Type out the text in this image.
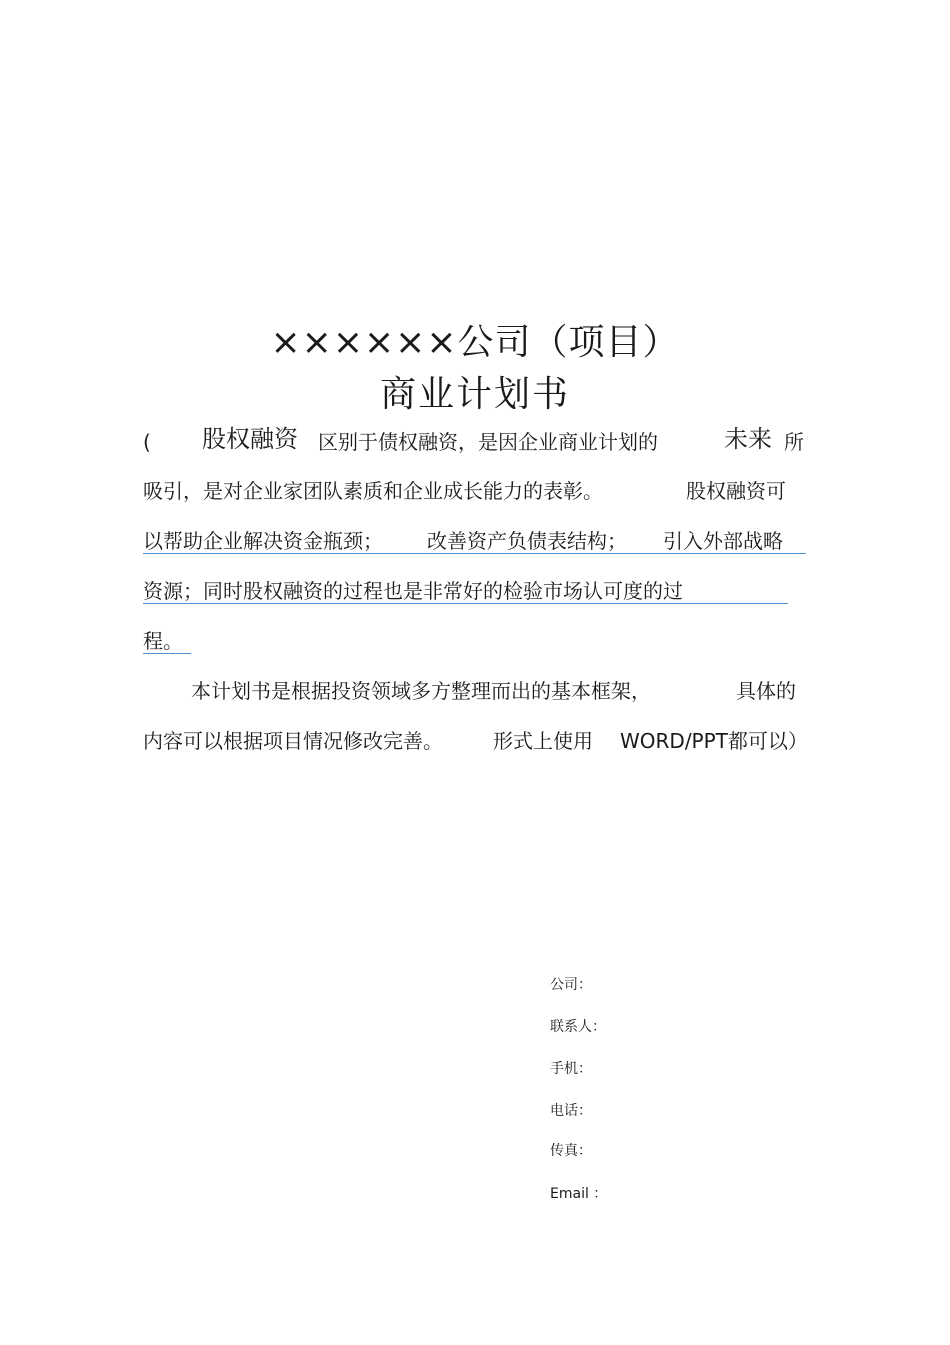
××××××公司（项目）
商业计划书
( 股权融资 区别于债权融资，是因企业商业计划的	未来 所
吸引，是对企业家团队素质和企业成长能力的表彰。	股权融资可
以帮助企业解决资金瓶颈； 改善资产负债表结构； 引入外部战略
资源；同时股权融资的过程也是非常好的检验市场认可度的过
程。
本计划书是根据投资领域多方整理而出的基本框架，	具体的
内容可以根据项目情况修改完善。	形式上使用 WORD/PPT都可以）
公司：
联系人：
手机：
电话：
传真：
Email ：
